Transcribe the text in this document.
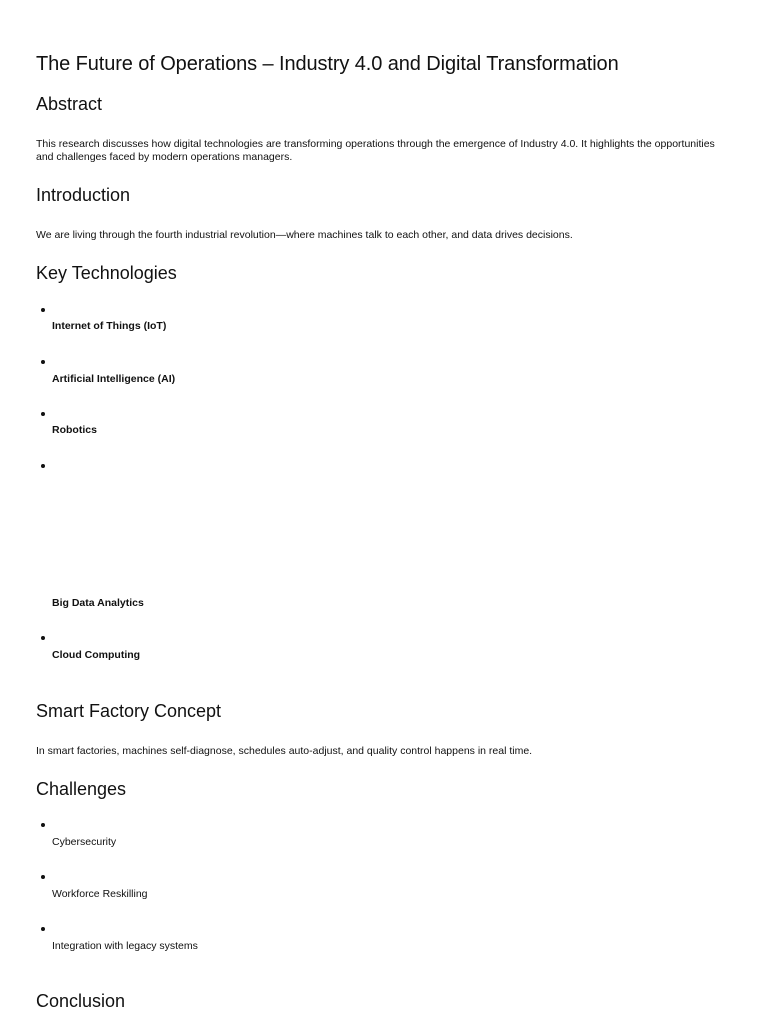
The Future of Operations – Industry 4.0 and Digital Transformation
Abstract

This research discusses how digital technologies are transforming operations through the emergence of Industry 4.0. It highlights the opportunities and challenges faced by modern operations managers.

Introduction

We are living through the fourth industrial revolution—where machines talk to each other, and data drives decisions.

Key Technologies
Internet of Things (IoT)
Artificial Intelligence (AI)
Robotics
Big Data Analytics
Cloud Computing
Smart Factory Concept

In smart factories, machines self-diagnose, schedules auto-adjust, and quality control happens in real time.

Challenges
Cybersecurity
Workforce Reskilling
Integration with legacy systems
Conclusion
